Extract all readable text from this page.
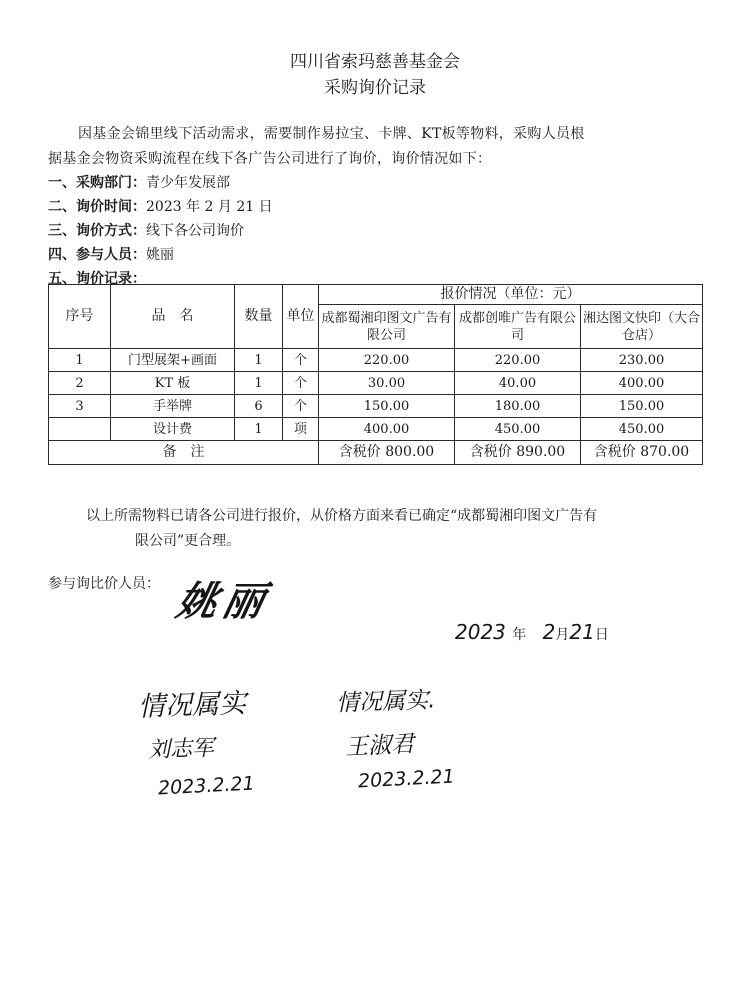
四川省索玛慈善基金会
采购询价记录
因基金会锦里线下活动需求，需要制作易拉宝、卡牌、KT板等物料，采购人员根
据基金会物资采购流程在线下各广告公司进行了询价，询价情况如下：
一、采购部门：青少年发展部
二、询价时间：2023 年 2 月 21 日
三、询价方式：线下各公司询价
四、参与人员：姚丽
五、询价记录：
序号	品　名	数量	单位	报价情况（单位：元）		
				成都蜀湘印图文广告有限公司	成都创唯广告有限公司	湘达图文快印（大合仓店）
1	门型展架+画面	1	个	220.00	220.00	230.00
2	KT 板	1	个	30.00	40.00	400.00
3	手举牌	6	个	150.00	180.00	150.00
	设计费	1	项	400.00	450.00	450.00
备　注				含税价 800.00	含税价 890.00	含税价 870.00
以上所需物料已请各公司进行报价，从价格方面来看已确定“成都蜀湘印图文广告有
限公司”更合理。
参与询比价人员： 姚丽
2023 年 2月21日
情况属实
刘志军
2023.2.21
情况属实.
王淑君
2023.2.21
